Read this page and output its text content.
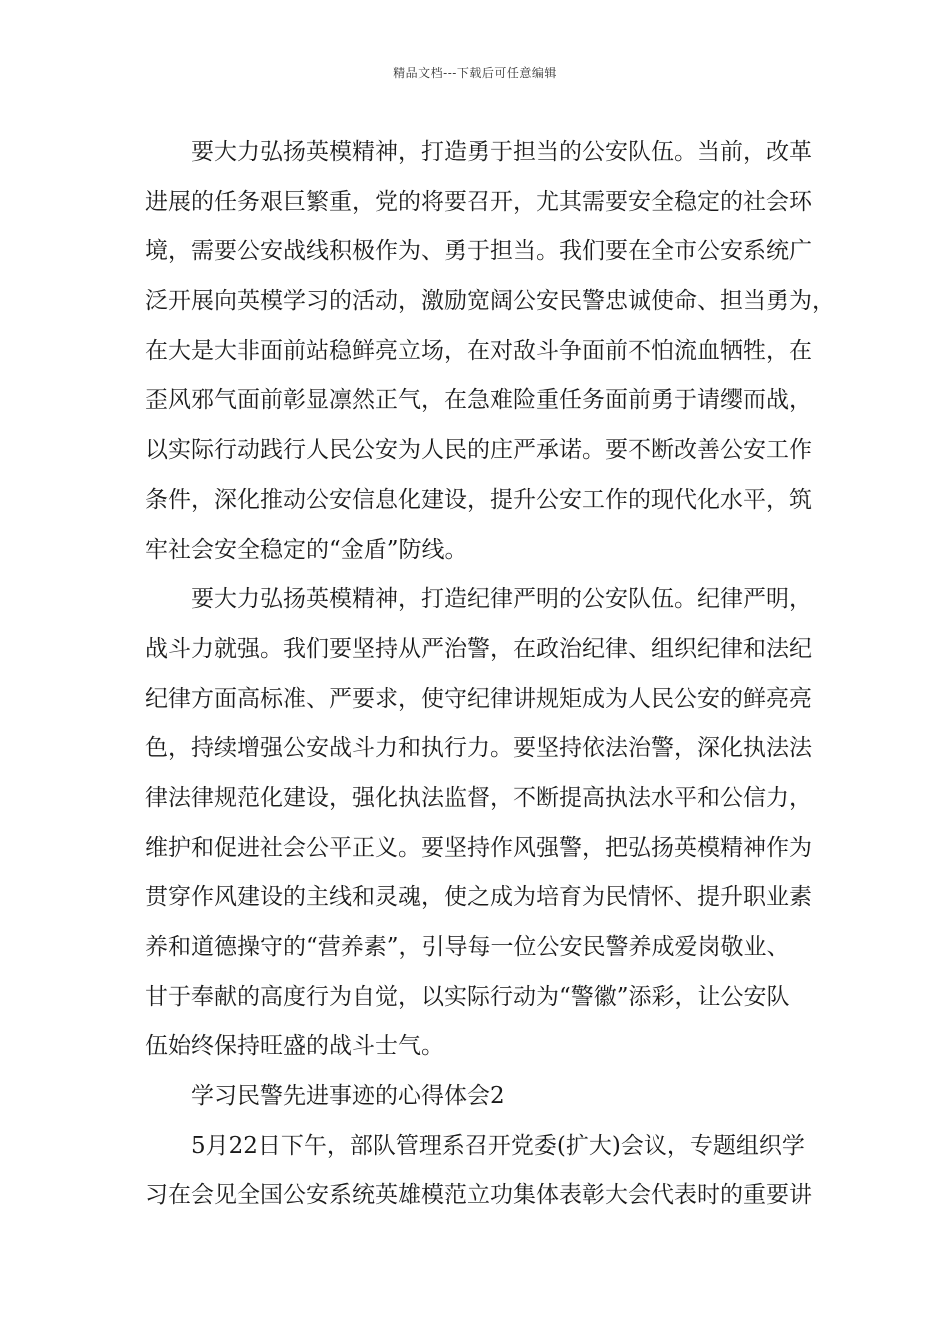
精品文档---下载后可任意编辑
要大力弘扬英模精神，打造勇于担当的公安队伍。当前，改革
进展的任务艰巨繁重，党的将要召开，尤其需要安全稳定的社会环
境，需要公安战线积极作为、勇于担当。我们要在全市公安系统广
泛开展向英模学习的活动，激励宽阔公安民警忠诚使命、担当勇为，
在大是大非面前站稳鲜亮立场，在对敌斗争面前不怕流血牺牲，在
歪风邪气面前彰显凛然正气，在急难险重任务面前勇于请缨而战，
以实际行动践行人民公安为人民的庄严承诺。要不断改善公安工作
条件，深化推动公安信息化建设，提升公安工作的现代化水平，筑
牢社会安全稳定的“金盾”防线。
要大力弘扬英模精神，打造纪律严明的公安队伍。纪律严明，
战斗力就强。我们要坚持从严治警，在政治纪律、组织纪律和法纪
纪律方面高标准、严要求，使守纪律讲规矩成为人民公安的鲜亮亮
色，持续增强公安战斗力和执行力。要坚持依法治警，深化执法法
律法律规范化建设，强化执法监督，不断提高执法水平和公信力，
维护和促进社会公平正义。要坚持作风强警，把弘扬英模精神作为
贯穿作风建设的主线和灵魂，使之成为培育为民情怀、提升职业素
养和道德操守的“营养素”，引导每一位公安民警养成爱岗敬业、
甘于奉献的高度行为自觉，以实际行动为“警徽”添彩，让公安队
伍始终保持旺盛的战斗士气。
学习民警先进事迹的心得体会2
5月22日下午，部队管理系召开党委(扩大)会议，专题组织学
习在会见全国公安系统英雄模范立功集体表彰大会代表时的重要讲
